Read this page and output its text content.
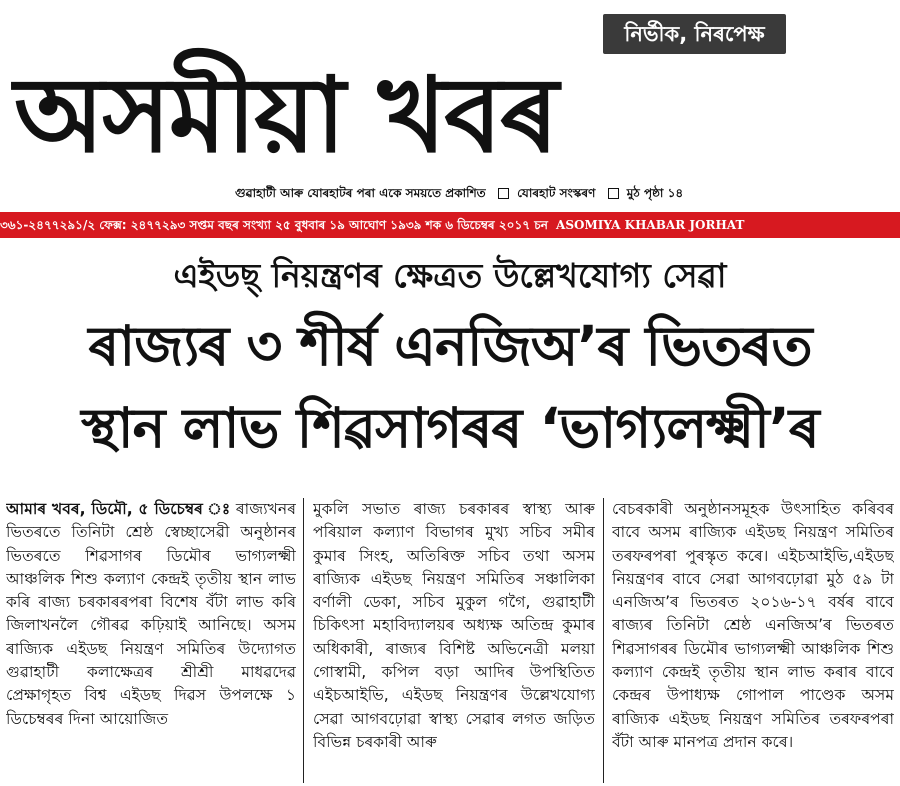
নিৰ্ভীক, নিৰপেক্ষ
অসমীয়া খবৰ
গুৱাহাটী আৰু যোৰহাটৰ পৰা একে সময়তে প্ৰকাশিত	যোৰহাট সংস্কৰণ	মুঠ পৃষ্ঠা ১৪
৩৬১-২৪৭৭২৯১/২ ফেক্স: ২৪৭৭২৯৩ সপ্তম বছৰ সংখ্যা ২৫ বুধবাৰ ১৯ আঘোণ ১৯৩৯ শক ৬ ডিচেম্বৰ ২০১৭ চন ASOMIYA KHABAR JORHAT
এইডছ্ নিয়ন্ত্ৰণৰ ক্ষেত্ৰত উল্লেখযোগ্য সেৱা
ৰাজ্যৰ ৩ শীৰ্ষ এনজিঅ’ৰ ভিতৰত
স্থান লাভ শিৱসাগৰৰ ‘ভাগ্যলক্ষ্মী’ৰ
আমাৰ খবৰ, ডিমৌ, ৫ ডিচেম্বৰ ঃ ৰাজ্যখনৰ ভিতৰতে তিনিটা শ্ৰেষ্ঠ স্বেচ্ছাসেৱী অনুষ্ঠানৰ ভিতৰতে শিৱসাগৰ ডিমৌৰ ভাগ্যলক্ষ্মী আঞ্চলিক শিশু কল্যাণ কেন্দ্ৰই তৃতীয় স্থান লাভ কৰি ৰাজ্য চৰকাৰৰপৰা বিশেষ বঁটা লাভ কৰি জিলাখনলৈ গৌৰৱ কঢ়িয়াই আনিছে। অসম ৰাজ্যিক এইডছ নিয়ন্ত্ৰণ সমিতিৰ উদ্যোগত গুৱাহাটী কলাক্ষেত্ৰৰ শ্ৰীশ্ৰী মাধৱদেৱ প্ৰেক্ষাগৃহত বিশ্ব এইডছ দিৱস উপলক্ষে ১ ডিচেম্বৰৰ দিনা আয়োজিত
মুকলি সভাত ৰাজ্য চৰকাৰৰ স্বাস্থ্য আৰু পৰিয়াল কল্যাণ বিভাগৰ মুখ্য সচিব সমীৰ কুমাৰ সিংহ, অতিৰিক্ত সচিব তথা অসম ৰাজ্যিক এইডছ নিয়ন্ত্ৰণ সমিতিৰ সঞ্চালিকা বৰ্ণালী ডেকা, সচিব মুকুল গগৈ, গুৱাহাটী চিকিৎসা মহাবিদ্যালয়ৰ অধ্যক্ষ অতিন্দ্ৰ কুমাৰ অধিকাৰী, ৰাজ্যৰ বিশিষ্ট অভিনেত্ৰী মলয়া গোস্বামী, কপিল বড়া আদিৰ উপস্থিতিত এইচআইভি, এইডছ নিয়ন্ত্ৰণৰ উল্লেখযোগ্য সেৱা আগবঢ়োৱা স্বাস্থ্য সেৱাৰ লগত জড়িত বিভিন্ন চৰকাৰী আৰু
বেচৰকাৰী অনুষ্ঠানসমূহক উৎসাহিত কৰিবৰ বাবে অসম ৰাজ্যিক এইডছ নিয়ন্ত্ৰণ সমিতিৰ তৰফৰপৰা পুৰস্কৃত কৰে। এইচআইভি,এইডছ নিয়ন্ত্ৰণৰ বাবে সেৱা আগবঢ়োৱা মুঠ ৫৯ টা এনজিঅ’ৰ ভিতৰত ২০১৬-১৭ বৰ্ষৰ বাবে ৰাজ্যৰ তিনিটা শ্ৰেষ্ঠ এনজিঅ’ৰ ভিতৰত শিৱসাগৰৰ ডিমৌৰ ভাগ্যলক্ষ্মী আঞ্চলিক শিশু কল্যাণ কেন্দ্ৰই তৃতীয় স্থান লাভ কৰাৰ বাবে কেন্দ্ৰৰ উপাধ্যক্ষ গোপাল পাণ্ডেক অসম ৰাজ্যিক এইডছ নিয়ন্ত্ৰণ সমিতিৰ তৰফৰপৰা বঁটা আৰু মানপত্ৰ প্ৰদান কৰে।
